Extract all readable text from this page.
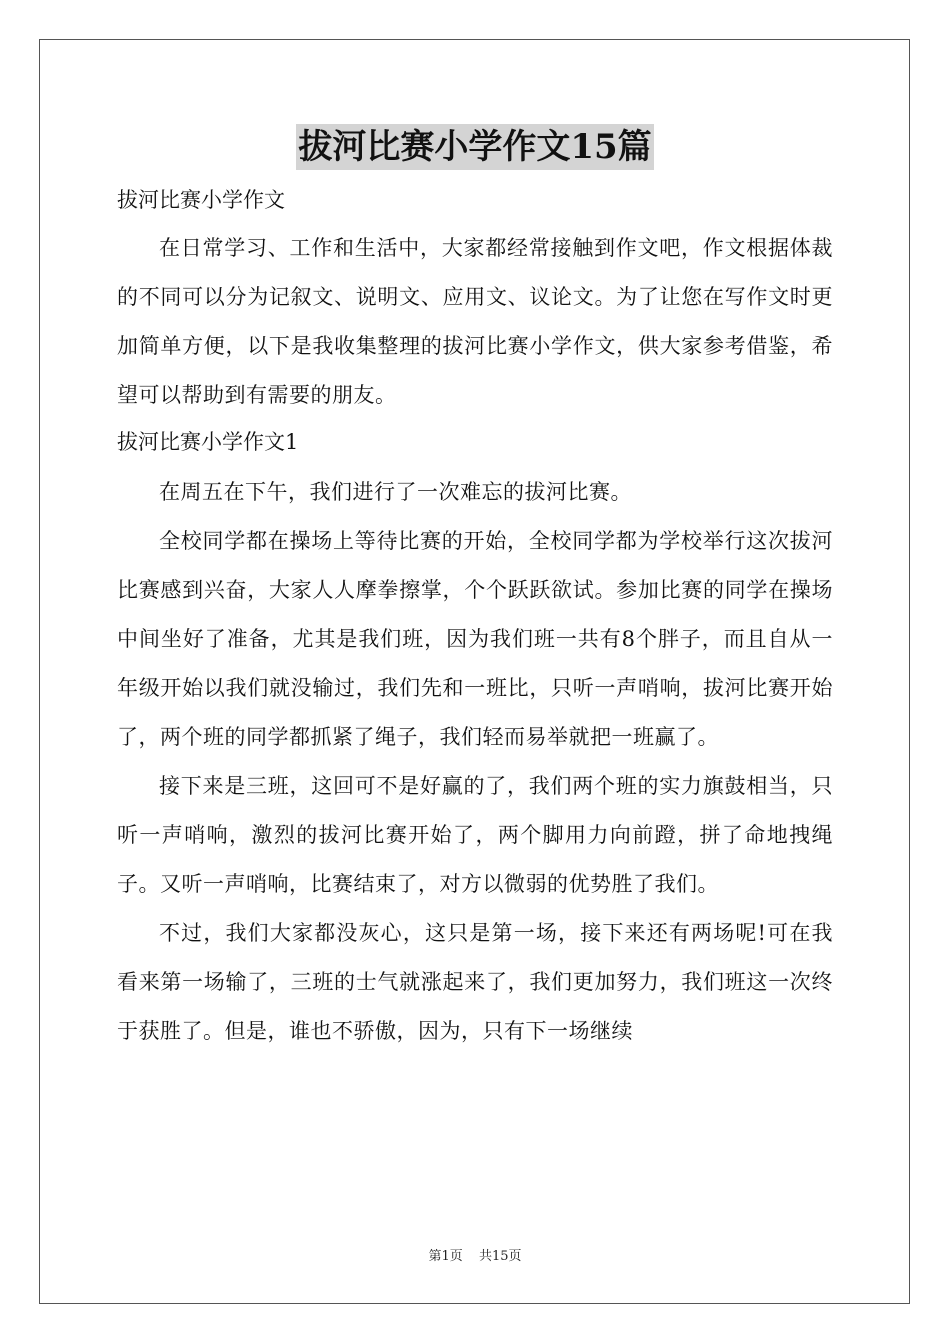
拔河比赛小学作文15篇

拔河比赛小学作文

在日常学习、工作和生活中，大家都经常接触到作文吧，作文根据体裁的不同可以分为记叙文、说明文、应用文、议论文。为了让您在写作文时更加简单方便，以下是我收集整理的拔河比赛小学作文，供大家参考借鉴，希望可以帮助到有需要的朋友。

拔河比赛小学作文1

在周五在下午，我们进行了一次难忘的拔河比赛。

全校同学都在操场上等待比赛的开始，全校同学都为学校举行这次拔河比赛感到兴奋，大家人人摩拳擦掌，个个跃跃欲试。参加比赛的同学在操场中间坐好了准备，尤其是我们班，因为我们班一共有8个胖子，而且自从一年级开始以我们就没输过，我们先和一班比，只听一声哨响，拔河比赛开始了，两个班的同学都抓紧了绳子，我们轻而易举就把一班赢了。

接下来是三班，这回可不是好赢的了，我们两个班的实力旗鼓相当，只听一声哨响，激烈的拔河比赛开始了，两个脚用力向前蹬，拼了命地拽绳子。又听一声哨响，比赛结束了，对方以微弱的优势胜了我们。

不过，我们大家都没灰心，这只是第一场，接下来还有两场呢!可在我看来第一场输了，三班的士气就涨起来了，我们更加努力，我们班这一次终于获胜了。但是，谁也不骄傲，因为，只有下一场继续

第1页 共15页
